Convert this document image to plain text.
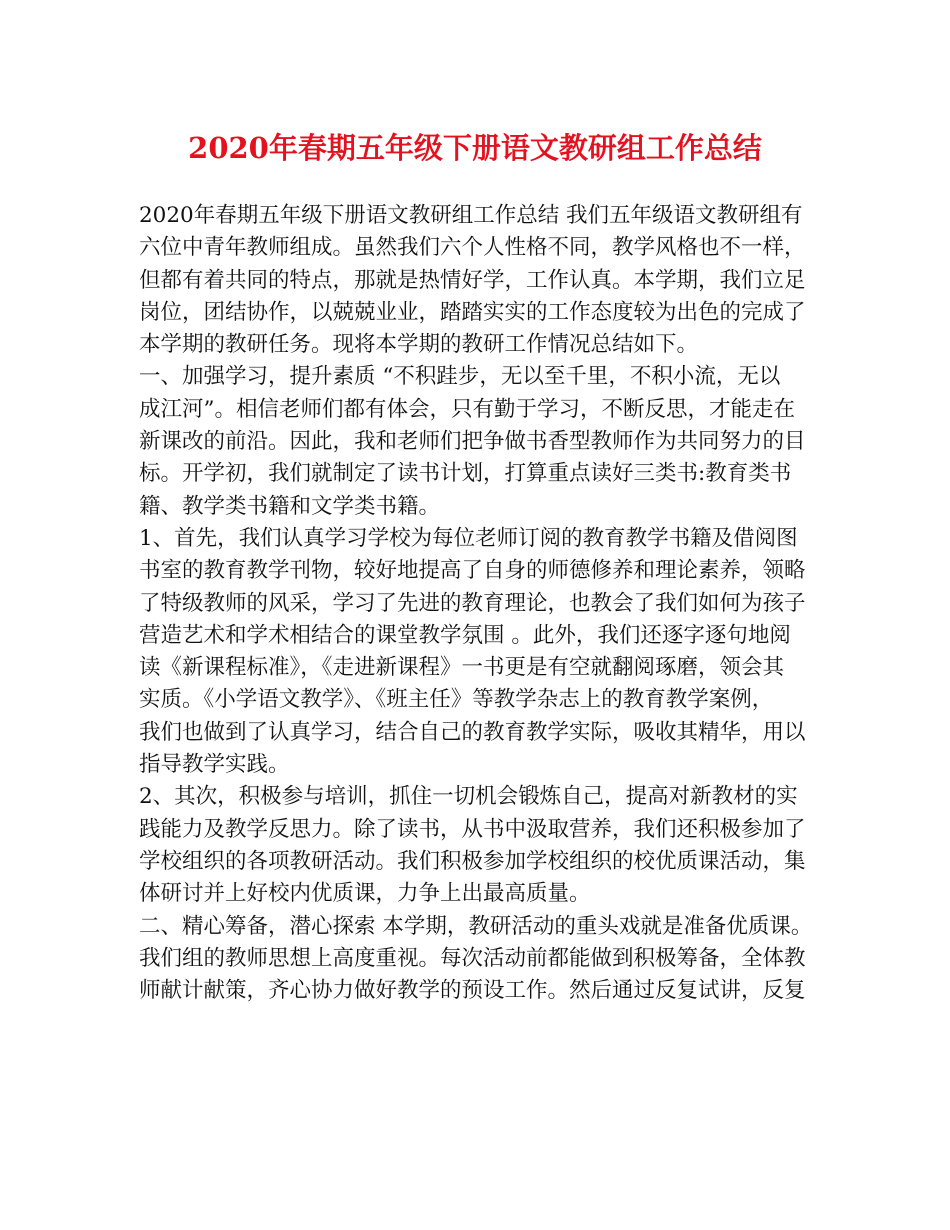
2020年春期五年级下册语文教研组工作总结

2020年春期五年级下册语文教研组工作总结 我们五年级语文教研组有

六位中青年教师组成。虽然我们六个人性格不同，教学风格也不一样，

但都有着共同的特点，那就是热情好学，工作认真。本学期，我们立足

岗位，团结协作，以兢兢业业，踏踏实实的工作态度较为出色的完成了

本学期的教研任务。现将本学期的教研工作情况总结如下。

一、加强学习，提升素质 “不积跬步，无以至千里，不积小流，无以

成江河”。相信老师们都有体会，只有勤于学习，不断反思，才能走在

新课改的前沿。因此，我和老师们把争做书香型教师作为共同努力的目

标。开学初，我们就制定了读书计划，打算重点读好三类书:教育类书

籍、教学类书籍和文学类书籍。

1、首先，我们认真学习学校为每位老师订阅的教育教学书籍及借阅图

书室的教育教学刊物，较好地提高了自身的师德修养和理论素养，领略

了特级教师的风采，学习了先进的教育理论，也教会了我们如何为孩子

营造艺术和学术相结合的课堂教学氛围 。此外，我们还逐字逐句地阅

读《新课程标准》，《走进新课程》一书更是有空就翻阅琢磨，领会其

实质。《小学语文教学》、《班主任》等教学杂志上的教育教学案例，

我们也做到了认真学习，结合自己的教育教学实际，吸收其精华，用以

指导教学实践。

2、其次，积极参与培训，抓住一切机会锻炼自己，提高对新教材的实

践能力及教学反思力。除了读书，从书中汲取营养，我们还积极参加了

学校组织的各项教研活动。我们积极参加学校组织的校优质课活动，集

体研讨并上好校内优质课，力争上出最高质量。

二、精心筹备，潜心探索 本学期，教研活动的重头戏就是准备优质课。

我们组的教师思想上高度重视。每次活动前都能做到积极筹备，全体教

师献计献策，齐心协力做好教学的预设工作。然后通过反复试讲，反复
